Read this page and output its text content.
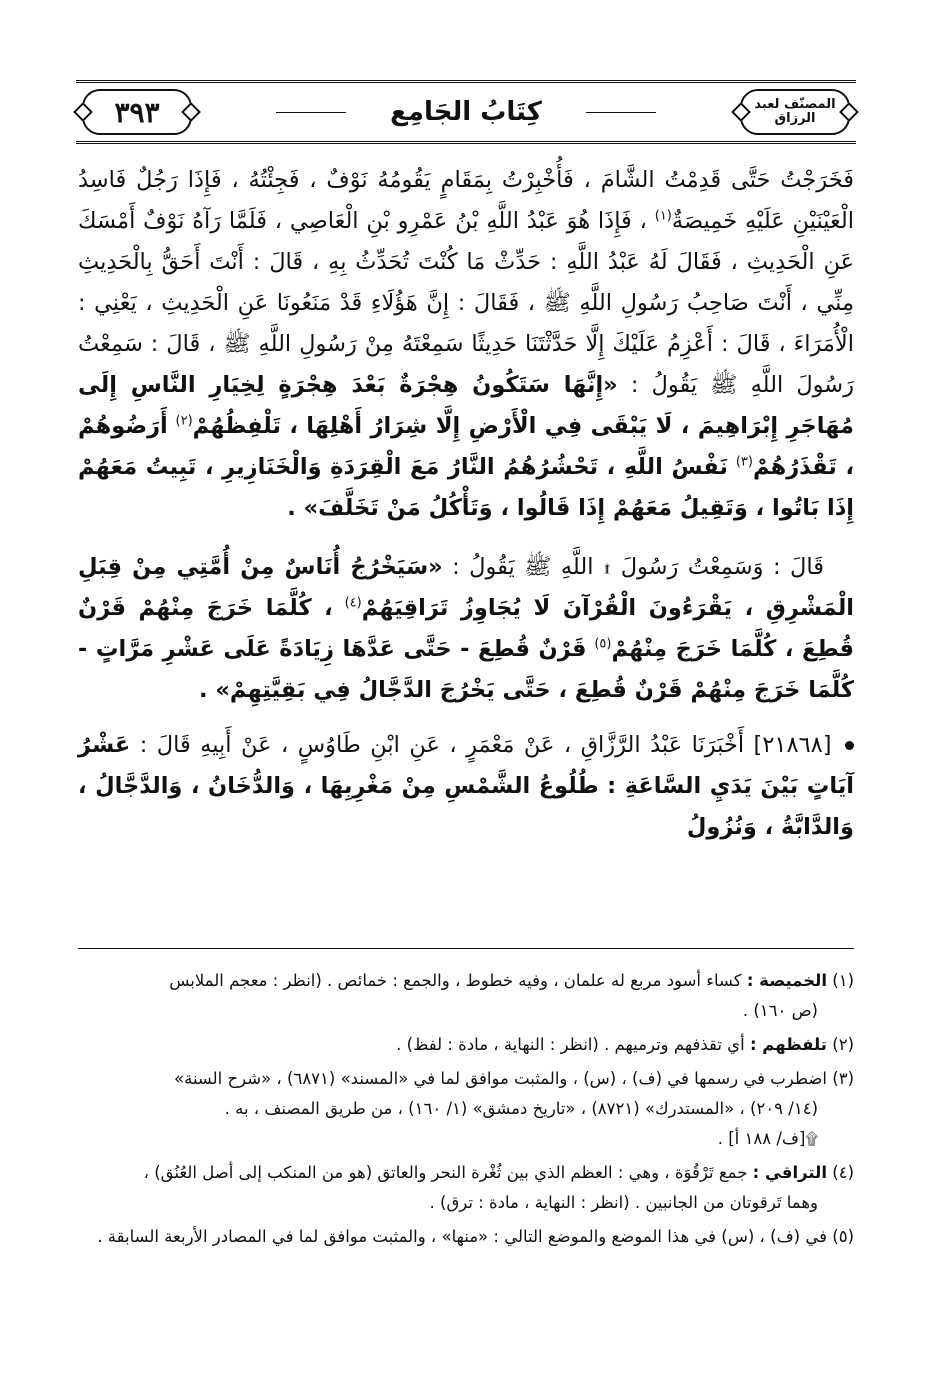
٣٩٣	كِتَابُ الجَامِع	المصنّف لعبد الرزاق

فَخَرَجْتُ حَتَّى قَدِمْتُ الشَّامَ ، فَأُخْبِرْتُ بِمَقَامٍ يَقُومُهُ نَوْفٌ ، فَجِئْتُهُ ، فَإِذَا رَجُلٌ فَاسِدُ الْعَيْنَيْنِ عَلَيْهِ خَمِيصَةٌ$^{(١)}$ ، فَإِذَا هُوَ عَبْدُ اللَّهِ بْنُ عَمْرِو بْنِ الْعَاصِي ، فَلَمَّا رَآهُ نَوْفٌ أَمْسَكَ عَنِ الْحَدِيثِ ، فَقَالَ لَهُ عَبْدُ اللَّهِ : حَدِّثْ مَا كُنْتَ تُحَدِّثُ بِهِ ، قَالَ : أَنْتَ أَحَقُّ بِالْحَدِيثِ مِنِّي ، أَنْتَ صَاحِبُ رَسُولِ اللَّهِ ﷺ ، فَقَالَ : إِنَّ هَؤُلَاءِ قَدْ مَنَعُونَا عَنِ الْحَدِيثِ ، يَعْنِي : الْأُمَرَاءَ ، قَالَ : أَعْزِمُ عَلَيْكَ إِلَّا حَدَّثْتَنَا حَدِيثًا سَمِعْتَهُ مِنْ رَسُولِ اللَّهِ ﷺ ، قَالَ : سَمِعْتُ رَسُولَ اللَّهِ ﷺ يَقُولُ : «إِنَّهَا سَتَكُونُ هِجْرَةٌ بَعْدَ هِجْرَةٍ لِخِيَارِ النَّاسِ إِلَى مُهَاجَرِ إِبْرَاهِيمَ ، لَا يَبْقَى فِي الْأَرْضِ إِلَّا شِرَارُ أَهْلِهَا ، تَلْفِظُهُمْ$^{(٢)}$ أَرَضُوهُمْ ، تَقْذَرُهُمْ$^{(٣)}$ نَفْسُ اللَّهِ ، تَحْشُرُهُمُ النَّارُ مَعَ الْقِرَدَةِ وَالْخَنَازِيرِ ، تَبِيتُ مَعَهُمْ إِذَا بَاتُوا ، وَتَقِيلُ مَعَهُمْ إِذَا قَالُوا ، وَتَأْكُلُ مَنْ تَخَلَّفَ» .

قَالَ : وَسَمِعْتُ رَسُولَ ۩ اللَّهِ ﷺ يَقُولُ : «سَيَخْرُجُ أُنَاسٌ مِنْ أُمَّتِي مِنْ قِبَلِ الْمَشْرِقِ ، يَقْرَءُونَ الْقُرْآنَ لَا يُجَاوِزُ تَرَاقِيَهُمْ$^{(٤)}$ ، كُلَّمَا خَرَجَ مِنْهُمْ قَرْنٌ قُطِعَ ، كُلَّمَا خَرَجَ مِنْهُمْ$^{(٥)}$ قَرْنٌ قُطِعَ - حَتَّى عَدَّهَا زِيَادَةً عَلَى عَشْرِ مَرَّاتٍ - كُلَّمَا خَرَجَ مِنْهُمْ قَرْنٌ قُطِعَ ، حَتَّى يَخْرُجَ الدَّجَّالُ فِي بَقِيَّتِهِمْ» .

[٢١٨٦٨] أَخْبَرَنَا عَبْدُ الرَّزَّاقِ ، عَنْ مَعْمَرٍ ، عَنِ ابْنِ طَاوُسٍ ، عَنْ أَبِيهِ قَالَ : عَشْرُ آيَاتٍ بَيْنَ يَدَيِ السَّاعَةِ : طُلُوعُ الشَّمْسِ مِنْ مَغْرِبِهَا ، وَالدُّخَانُ ، وَالدَّجَّالُ ، وَالدَّابَّةُ ، وَنُزُولُ

(١) الخميصة : كساء أسود مربع له علمان ، وفيه خطوط ، والجمع : خمائص . (انظر : معجم الملابس
(ص ١٦٠) .

(٢) تلفظهم : أي تقذفهم وترميهم . (انظر : النهاية ، مادة : لفظ) .

(٣) اضطرب في رسمها في (ف) ، (س) ، والمثبت موافق لما في «المسند» (٦٨٧١) ، «شرح السنة»
(١٤/ ٢٠٩) ، «المستدرك» (٨٧٢١) ، «تاريخ دمشق» (١/ ١٦٠) ، من طريق المصنف ، به .
۩[ف/ ١٨٨ أ] .

(٤) التراقي : جمع تَرْقُوَة ، وهي : العظم الذي بين ثُغْرة النحر والعاتق (هو من المنكب إلى أصل العُنُق) ،
وهما تَرقوتان من الجانبين . (انظر : النهاية ، مادة : ترق) .

(٥) في (ف) ، (س) في هذا الموضع والموضع التالي : «منها» ، والمثبت موافق لما في المصادر الأربعة السابقة .
